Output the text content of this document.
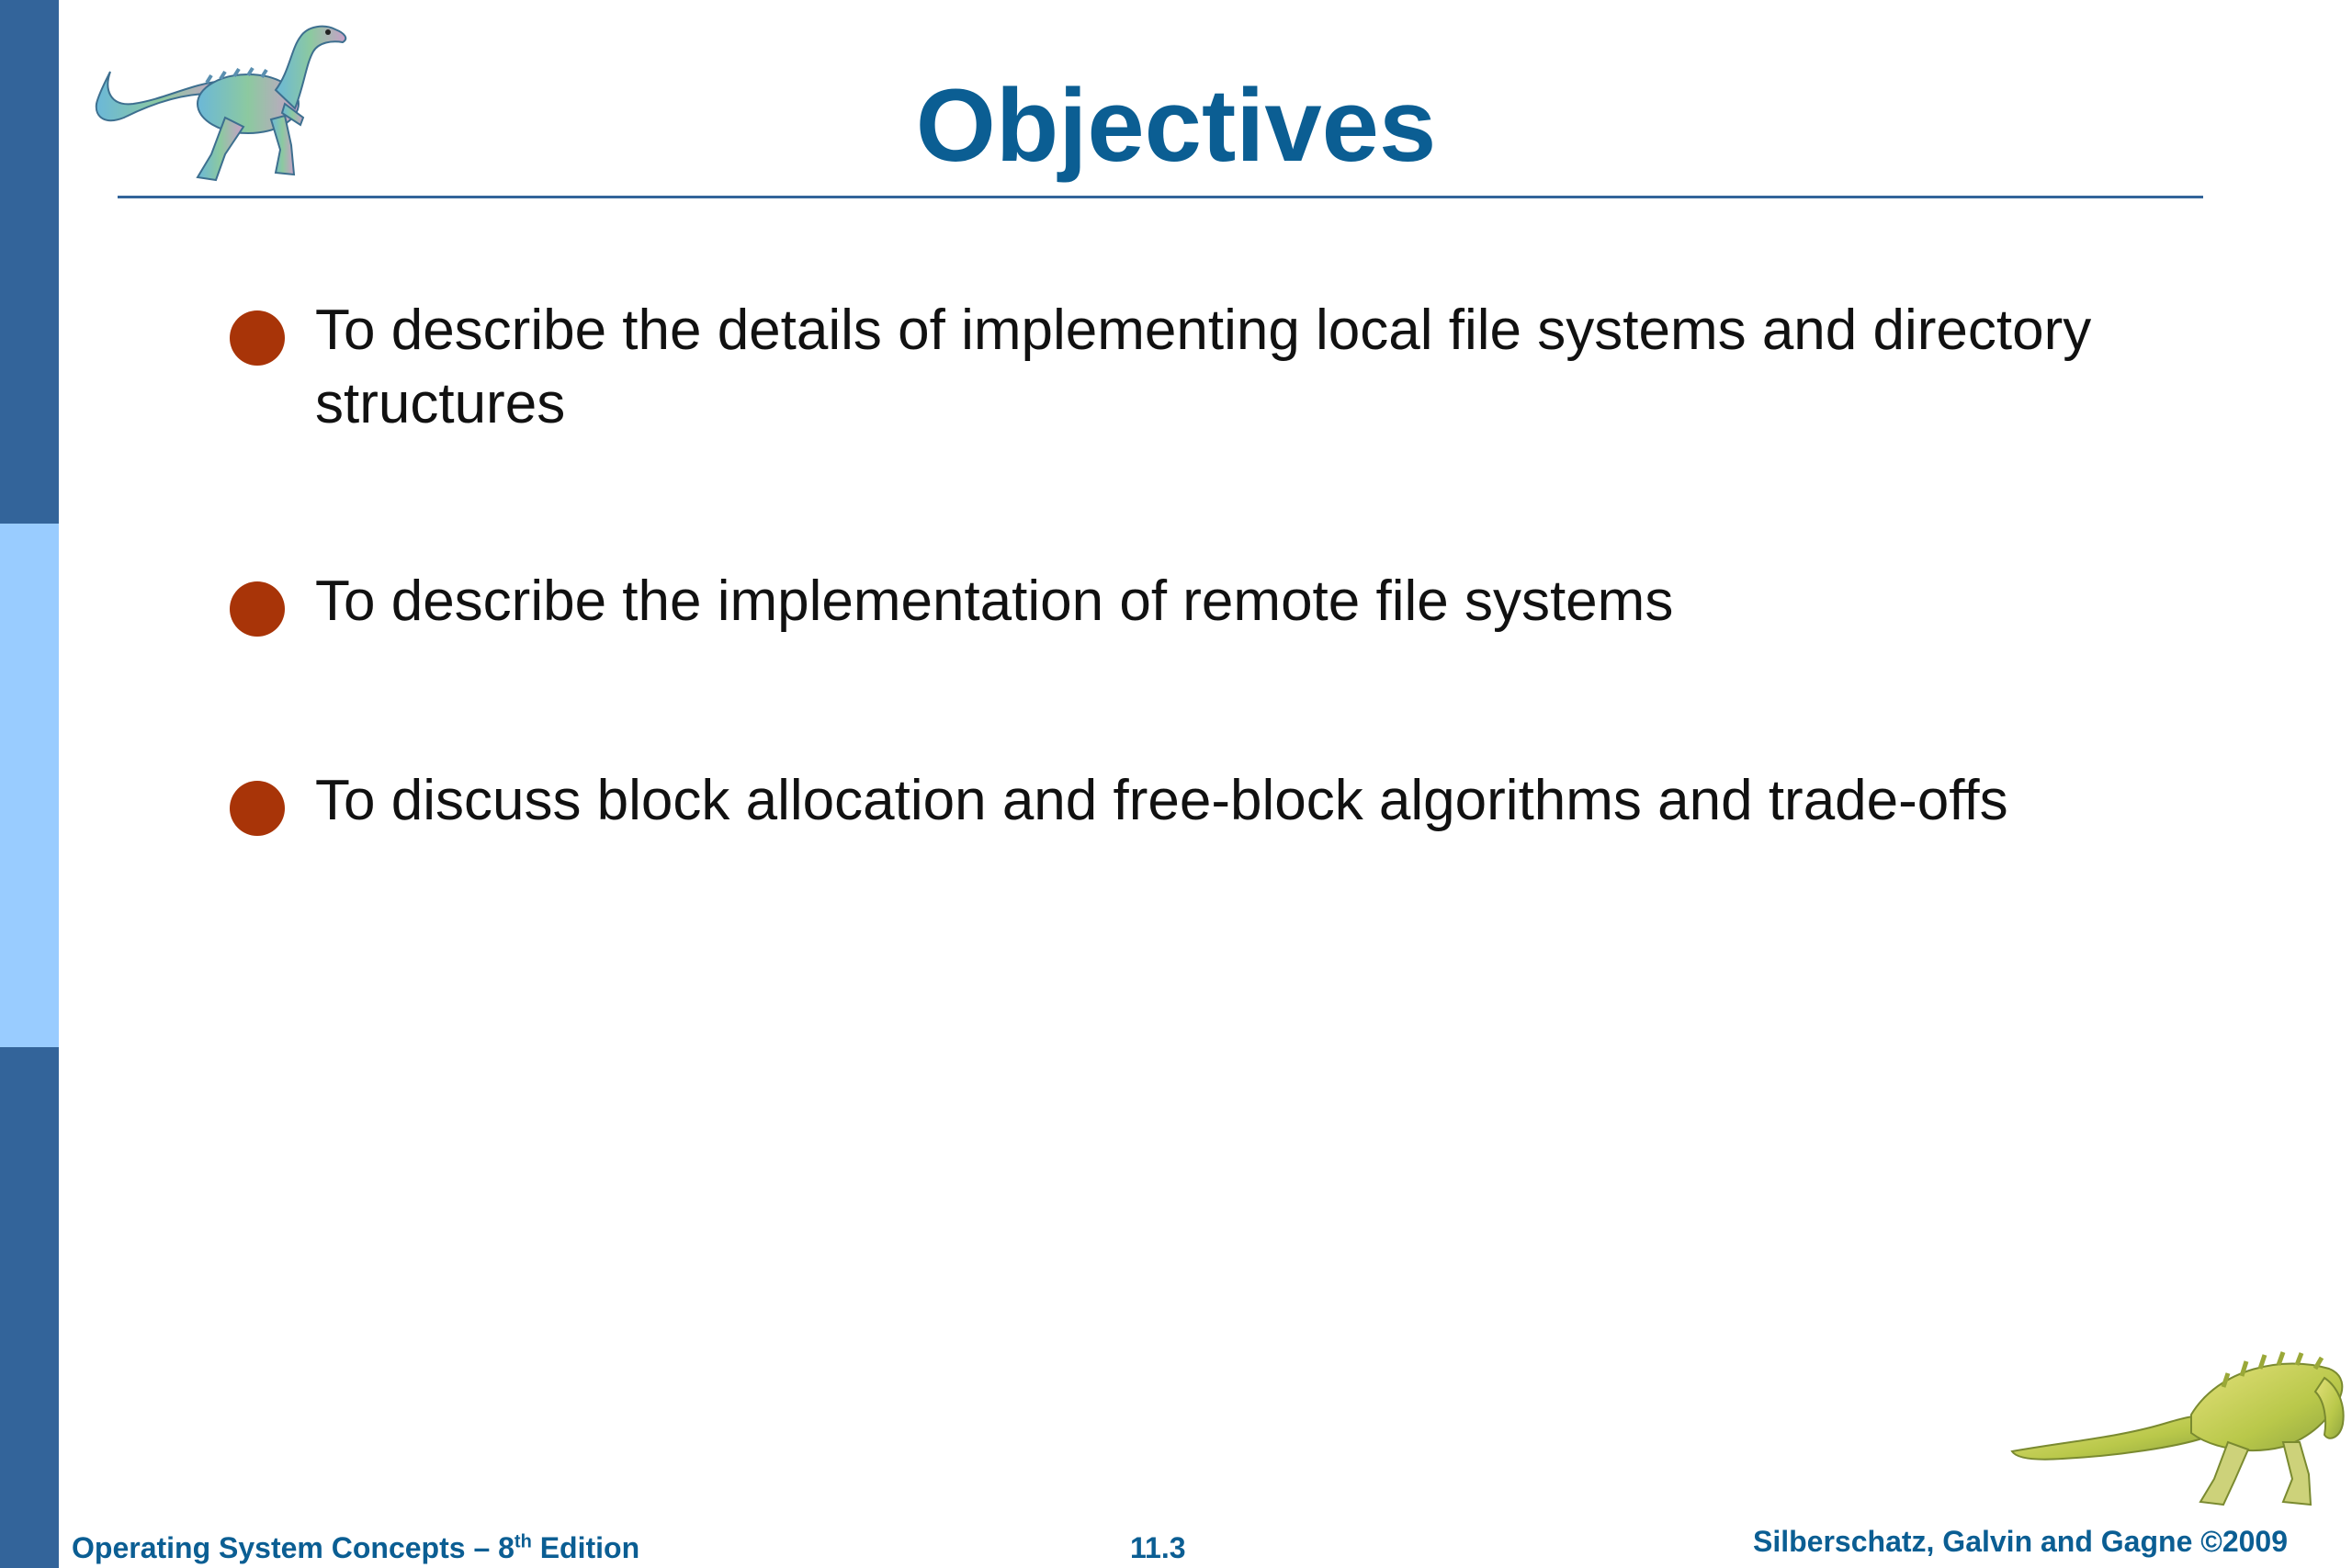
Objectives
To describe the details of implementing local file systems and directory structures
To describe the implementation of remote file systems
To discuss block allocation and free-block algorithms and trade-offs
Operating System Concepts – 8th Edition	11.3	Silberschatz, Galvin and Gagne ©2009
